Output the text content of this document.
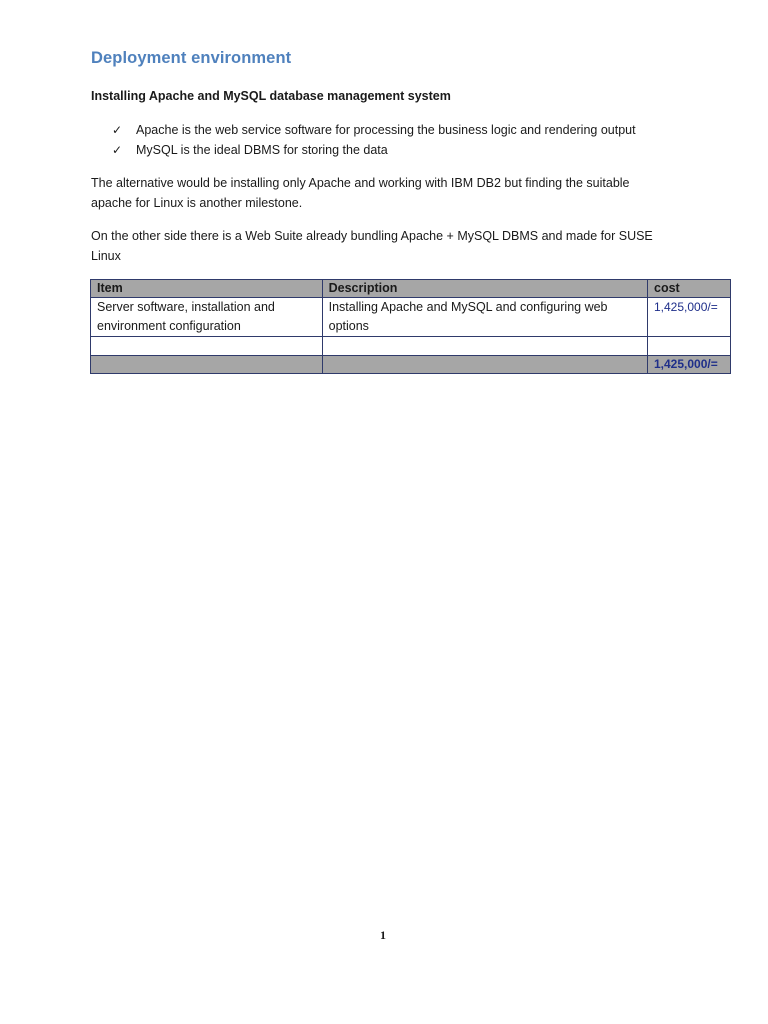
Deployment environment
Installing Apache and MySQL database management system
✓ Apache is the web service software for processing the business logic and rendering output
✓ MySQL is the ideal DBMS for storing the data

The alternative would be installing only Apache and working with IBM DB2 but finding the suitable apache for Linux is another milestone.

On the other side there is a Web Suite already bundling Apache + MySQL DBMS and made for SUSE Linux

Item	Description	cost
Server software, installation and environment configuration	Installing Apache and MySQL and configuring web options	1,425,000/=

		1,425,000/=
1
